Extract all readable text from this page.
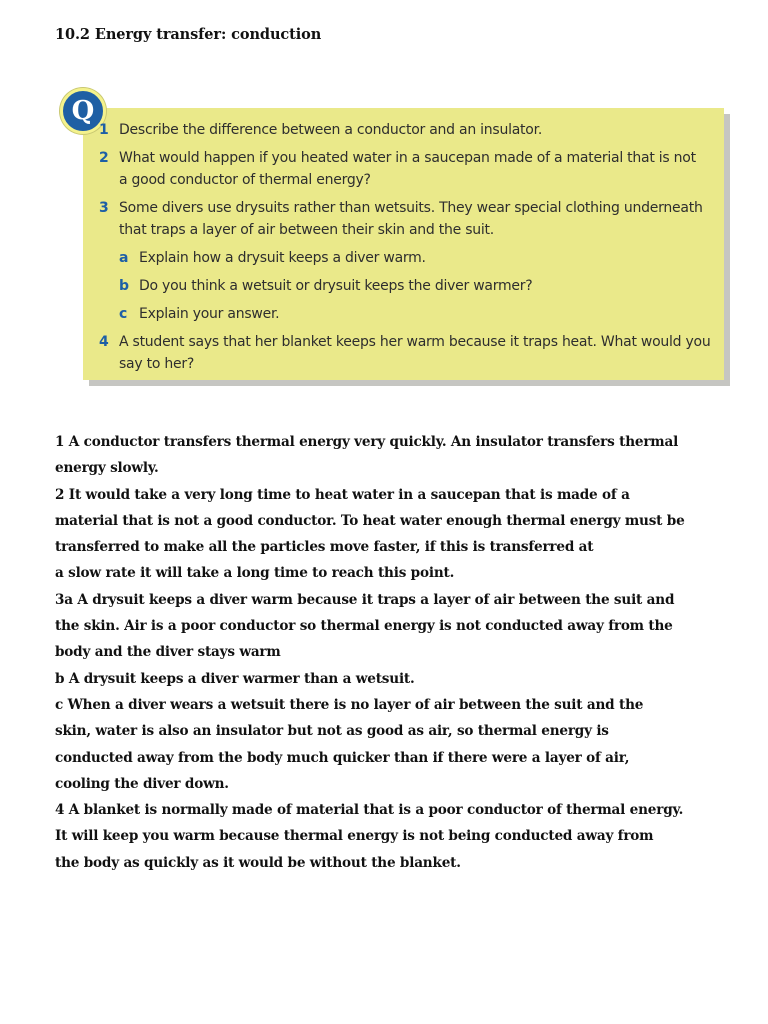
10.2 Energy transfer: conduction
Q
1 Describe the difference between a conductor and an insulator.
2 What would happen if you heated water in a saucepan made of a material that is not
a good conductor of thermal energy?
3 Some divers use drysuits rather than wetsuits. They wear special clothing underneath
that traps a layer of air between their skin and the suit.
a Explain how a drysuit keeps a diver warm.
b Do you think a wetsuit or drysuit keeps the diver warmer?
c Explain your answer.
4 A student says that her blanket keeps her warm because it traps heat. What would you
say to her?
1 A conductor transfers thermal energy very quickly. An insulator transfers thermal
energy slowly.
2 It would take a very long time to heat water in a saucepan that is made of a
material that is not a good conductor. To heat water enough thermal energy must be
transferred to make all the particles move faster, if this is transferred at
a slow rate it will take a long time to reach this point.
3a A drysuit keeps a diver warm because it traps a layer of air between the suit and
the skin. Air is a poor conductor so thermal energy is not conducted away from the
body and the diver stays warm
b A drysuit keeps a diver warmer than a wetsuit.
c When a diver wears a wetsuit there is no layer of air between the suit and the
skin, water is also an insulator but not as good as air, so thermal energy is
conducted away from the body much quicker than if there were a layer of air,
cooling the diver down.
4 A blanket is normally made of material that is a poor conductor of thermal energy.
It will keep you warm because thermal energy is not being conducted away from
the body as quickly as it would be without the blanket.
